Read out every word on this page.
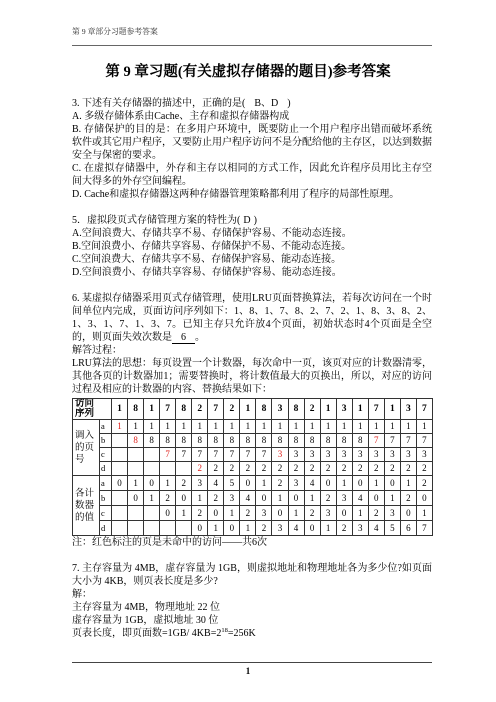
第 9 章部分习题参考答案
第 9 章习题(有关虚拟存储器的题目)参考答案

3. 下述有关存储器的描述中，正确的是( B、D )

A. 多级存储体系由Cache、主存和虚拟存储器构成

B. 存储保护的目的是：在多用户环境中，既要防止一个用户程序出错而破坏系统软件或其它用户程序，又要防止用户程序访问不是分配给他的主存区，以达到数据安全与保密的要求。

C. 在虚拟存储器中，外存和主存以相同的方式工作，因此允许程序员用比主存空间大得多的外存空间编程。

D. Cache和虚拟存储器这两种存储器管理策略都利用了程序的局部性原理。

5．虚拟段页式存储管理方案的特性为( D )

A.空间浪费大、存储共享不易、存储保护容易、不能动态连接。

B.空间浪费小、存储共享容易、存储保护不易、不能动态连接。

C.空间浪费大、存储共享不易、存储保护容易、能动态连接。

D.空间浪费小、存储共享容易、存储保护容易、能动态连接。

6. 某虚拟存储器采用页式存储管理，使用LRU页面替换算法，若每次访问在一个时间单位内完成，页面访问序列如下：1、8、1、7、8、2、7、2、1、8、3、8、2、1、3、1、7、1、3、7。已知主存只允许放4个页面，初始状态时4个页面是全空的，则页面失效次数是 6 。

解答过程：

LRU算法的思想：每页设置一个计数器，每次命中一页，该页对应的计数器清零，其他各页的计数器加1；需要替换时，将计数值最大的页换出，所以，对应的访问过程及相应的计数器的内容、替换结果如下：

访问序列		1	8	1	7	8	2	7	2	1	8	3	8	2	1	3	1	7	1	3	7

调入的页号	a	1	1	1	1	1	1	1	1	1	1	1	1	1	1	1	1	1	1	1	1
	b		8	8	8	8	8	8	8	8	8	8	8	8	8	8	8	7	7	7	7
	c				7	7	7	7	7	7	7	3	3	3	3	3	3	3	3	3	3
	d						2	2	2	2	2	2	2	2	2	2	2	2	2	2	2

各计数器的值	a	0	1	0	1	2	3	4	5	0	1	2	3	4	0	1	0	1	0	1	2
	b		0	1	2	0	1	2	3	4	0	1	0	1	2	3	4	0	1	2	0
	c				0	1	2	0	1	2	3	0	1	2	3	0	1	2	3	0	1
	d						0	1	0	1	2	3	4	0	1	2	3	4	5	6	7

注：红色标注的页是未命中的访问——共6次

7. 主存容量为 4MB，虚存容量为 1GB，则虚拟地址和物理地址各为多少位?如页面大小为 4KB，则页表长度是多少?

解：

主存容量为 4MB，物理地址 22 位

虚存容量为 1GB，虚拟地址 30 位

页表长度，即页面数=1GB/ $4KB=2^{18}=256K$

1
